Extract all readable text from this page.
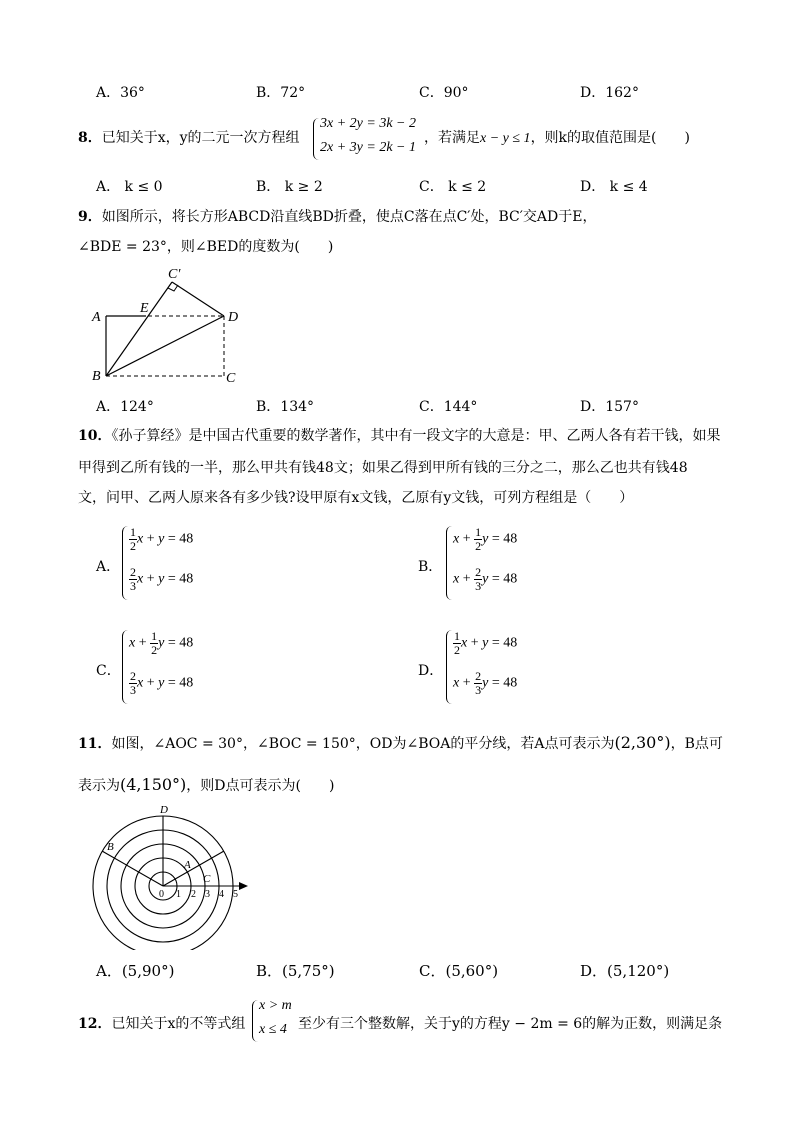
A．36°	B．72°	C．90°	D．162°
8．已知关于x，y的二元一次方程组
3x + 2y = 3k − 2
2x + 3y = 2k − 1
，若满足x − y ≤ 1，则k的取值范围是(　　)
A． k ≤ 0	B． k ≥ 2	C． k ≤ 2	D． k ≤ 4
9．如图所示，将长方形ABCD沿直线BD折叠，使点C落在点C′处，BC′交AD于E，
∠BDE = 23°，则∠BED的度数为(　　)
C′
A
E
D
B	C
A．124°	B．134°	C．144°	D．157°
10．《孙子算经》是中国古代重要的数学著作，其中有一段文字的大意是：甲、乙两人各有若干钱，如果
甲得到乙所有钱的一半，那么甲共有钱48文；如果乙得到甲所有钱的三分之二，那么乙也共有钱48
文，问甲、乙两人原来各有多少钱?设甲原有x文钱，乙原有y文钱，可列方程组是（　　）
A．
$\frac{1}{2}$ x + y = 48
$\frac{2}{3}$ x + y = 48
B．
$x + \frac{1}{2}$ y = 48
$x + \frac{2}{3}$ y = 48
C．
$x + \frac{1}{2}$ y = 48
$\frac{2}{3}$ x + y = 48
D．
$\frac{1}{2}$ x + y = 48
$x + \frac{2}{3}$ y = 48
11．如图，∠AOC = 30°，∠BOC = 150°，OD为∠BOA的平分线，若A点可表示为(2,30°)，B点可
表示为(4,150°)，则D点可表示为(　　)
D
B
A
C
0 1 2 3 4 5
A．(5,90°)	B．(5,75°)	C．(5,60°)	D．(5,120°)
12．已知关于x的不等式组
x > m
x ≤ 4 至少有三个整数解，关于y的方程y − 2m = 6的解为正数，则满足条
